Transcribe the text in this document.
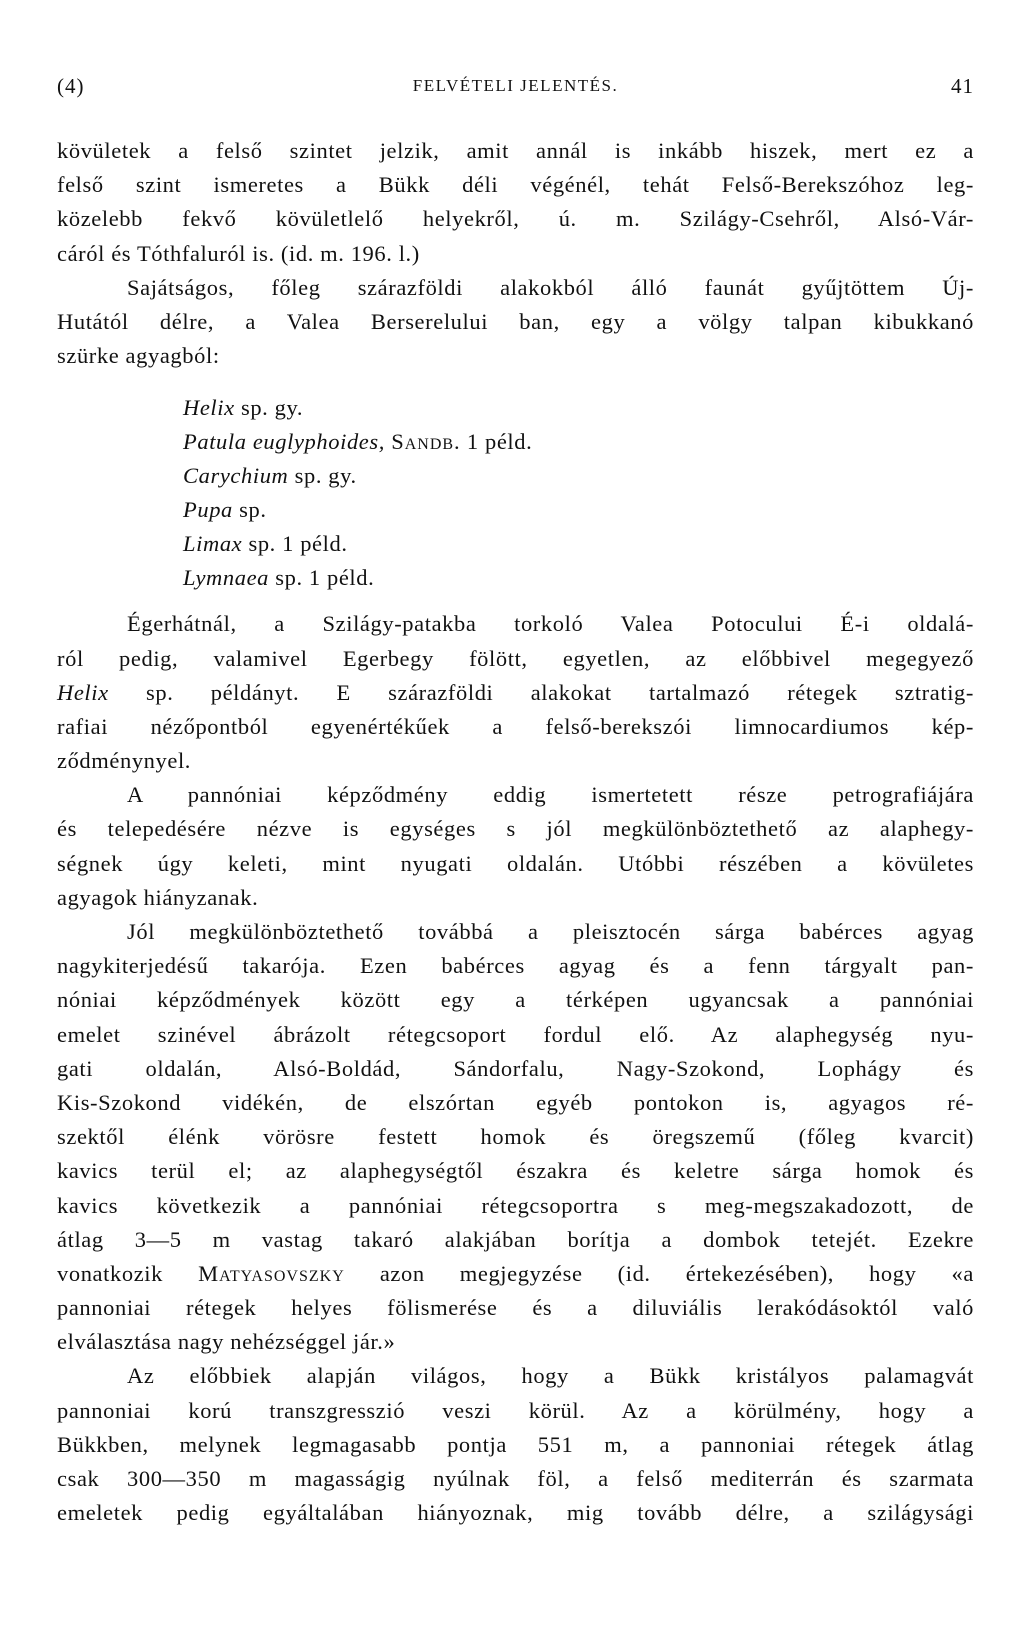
(4)	FELVÉTELI JELENTÉS.	41
kövületek a felső szintet jelzik, amit annál is inkább hiszek, mert ez a
felső szint ismeretes a Bükk déli végénél, tehát Felső-Berekszóhoz leg-
közelebb fekvő kövületlelő helyekről, ú. m. Szilágy-Csehről, Alsó-Vár-
cáról és Tóthfaluról is. (id. m. 196. l.)
Sajátságos, főleg szárazföldi alakokból álló faunát gyűjtöttem Új-
Hutától délre, a Valea Berserelului ban, egy a völgy talpan kibukkanó
szürke agyagból:
Helix sp. gy.
Patula euglyphoides, Sandb. 1 péld.
Carychium sp. gy.
Pupa sp.
Limax sp. 1 péld.
Lymnaea sp. 1 péld.
Égerhátnál, a Szilágy-patakba torkoló Valea Potocului É-i oldalá-
ról pedig, valamivel Egerbegy fölött, egyetlen, az előbbivel megegyező
Helix sp. példányt. E szárazföldi alakokat tartalmazó rétegek sztratig-
rafiai nézőpontból egyenértékűek a felső-berekszói limnocardiumos kép-
ződménynyel.
A pannóniai képződmény eddig ismertetett része petrografiájára
és telepedésére nézve is egységes s jól megkülönböztethető az alaphegy-
ségnek úgy keleti, mint nyugati oldalán. Utóbbi részében a kövületes
agyagok hiányzanak.
Jól megkülönböztethető továbbá a pleisztocén sárga babérces agyag
nagykiterjedésű takarója. Ezen babérces agyag és a fenn tárgyalt pan-
nóniai képződmények között egy a térképen ugyancsak a pannóniai
emelet szinével ábrázolt rétegcsoport fordul elő. Az alaphegység nyu-
gati oldalán, Alsó-Boldád, Sándorfalu, Nagy-Szokond, Lophágy és
Kis-Szokond vidékén, de elszórtan egyéb pontokon is, agyagos ré-
szektől élénk vörösre festett homok és öregszemű (főleg kvarcit)
kavics terül el; az alaphegységtől északra és keletre sárga homok és
kavics következik a pannóniai rétegcsoportra s meg-megszakadozott, de
átlag 3—5 m vastag takaró alakjában borítja a dombok tetejét. Ezekre
vonatkozik Matyasovszky azon megjegyzése (id. értekezésében), hogy «a
pannoniai rétegek helyes fölismerése és a diluviális lerakódásoktól való
elválasztása nagy nehézséggel jár.»
Az előbbiek alapján világos, hogy a Bükk kristályos palamagvát
pannoniai korú transzgresszió veszi körül. Az a körülmény, hogy a
Bükkben, melynek legmagasabb pontja 551 m, a pannoniai rétegek átlag
csak 300—350 m magasságig nyúlnak föl, a felső mediterrán és szarmata
emeletek pedig egyáltalában hiányoznak, mig tovább délre, a szilágysági
